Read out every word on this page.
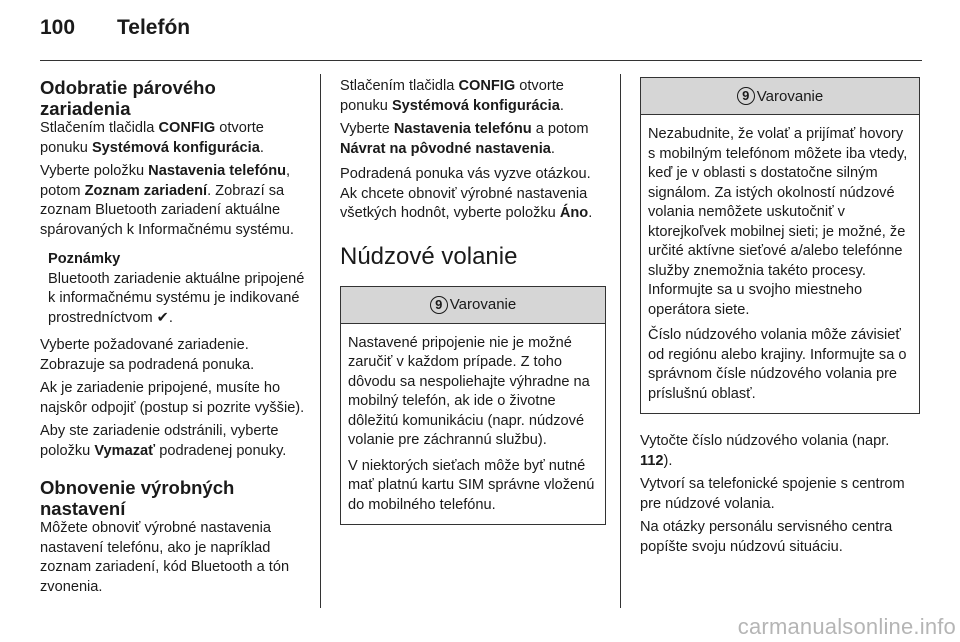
100 Telefón
Odobratie párového zariadenia

Stlačením tlačidla CONFIG otvorte ponuku Systémová konfigurácia.

Vyberte položku Nastavenia telefónu, potom Zoznam zariadení. Zobrazí sa zoznam Bluetooth zariadení aktuálne spárovaných k Informačnému systému.

Poznámky

Bluetooth zariadenie aktuálne pripojené k informačnému systému je indikované prostredníctvom ✔.

Vyberte požadované zariadenie. Zobrazuje sa podradená ponuka.

Ak je zariadenie pripojené, musíte ho najskôr odpojiť (postup si pozrite vyššie).

Aby ste zariadenie odstránili, vyberte položku Vymazať podradenej ponuky.

Obnovenie výrobných nastavení

Môžete obnoviť výrobné nastavenia nastavení telefónu, ako je napríklad zoznam zariadení, kód Bluetooth a tón zvonenia.

Stlačením tlačidla CONFIG otvorte ponuku Systémová konfigurácia.

Vyberte Nastavenia telefónu a potom Návrat na pôvodné nastavenia.

Podradená ponuka vás vyzve otázkou. Ak chcete obnoviť výrobné nastavenia všetkých hodnôt, vyberte položku Áno.

Núdzové volanie
9 Varovanie

Nastavené pripojenie nie je možné zaručiť v každom prípade. Z toho dôvodu sa nespoliehajte výhradne na mobilný telefón, ak ide o životne dôležitú komunikáciu (napr. núdzové volanie pre záchrannú službu).

V niektorých sieťach môže byť nutné mať platnú kartu SIM správne vloženú do mobilného telefónu.

9 Varovanie

Nezabudnite, že volať a prijímať hovory s mobilným telefónom môžete iba vtedy, keď je v oblasti s dostatočne silným signálom. Za istých okolností núdzové volania nemôžete uskutočniť v ktorejkoľvek mobilnej sieti; je možné, že určité aktívne sieťové a/alebo telefónne služby znemožnia takéto procesy. Informujte sa u svojho miestneho operátora siete.

Číslo núdzového volania môže závisieť od regiónu alebo krajiny. Informujte sa o správnom čísle núdzového volania pre príslušnú oblasť.

Vytočte číslo núdzového volania (napr. 112).

Vytvorí sa telefonické spojenie s centrom pre núdzové volania.

Na otázky personálu servisného centra popíšte svoju núdzovú situáciu.

carmanualsonline.info
